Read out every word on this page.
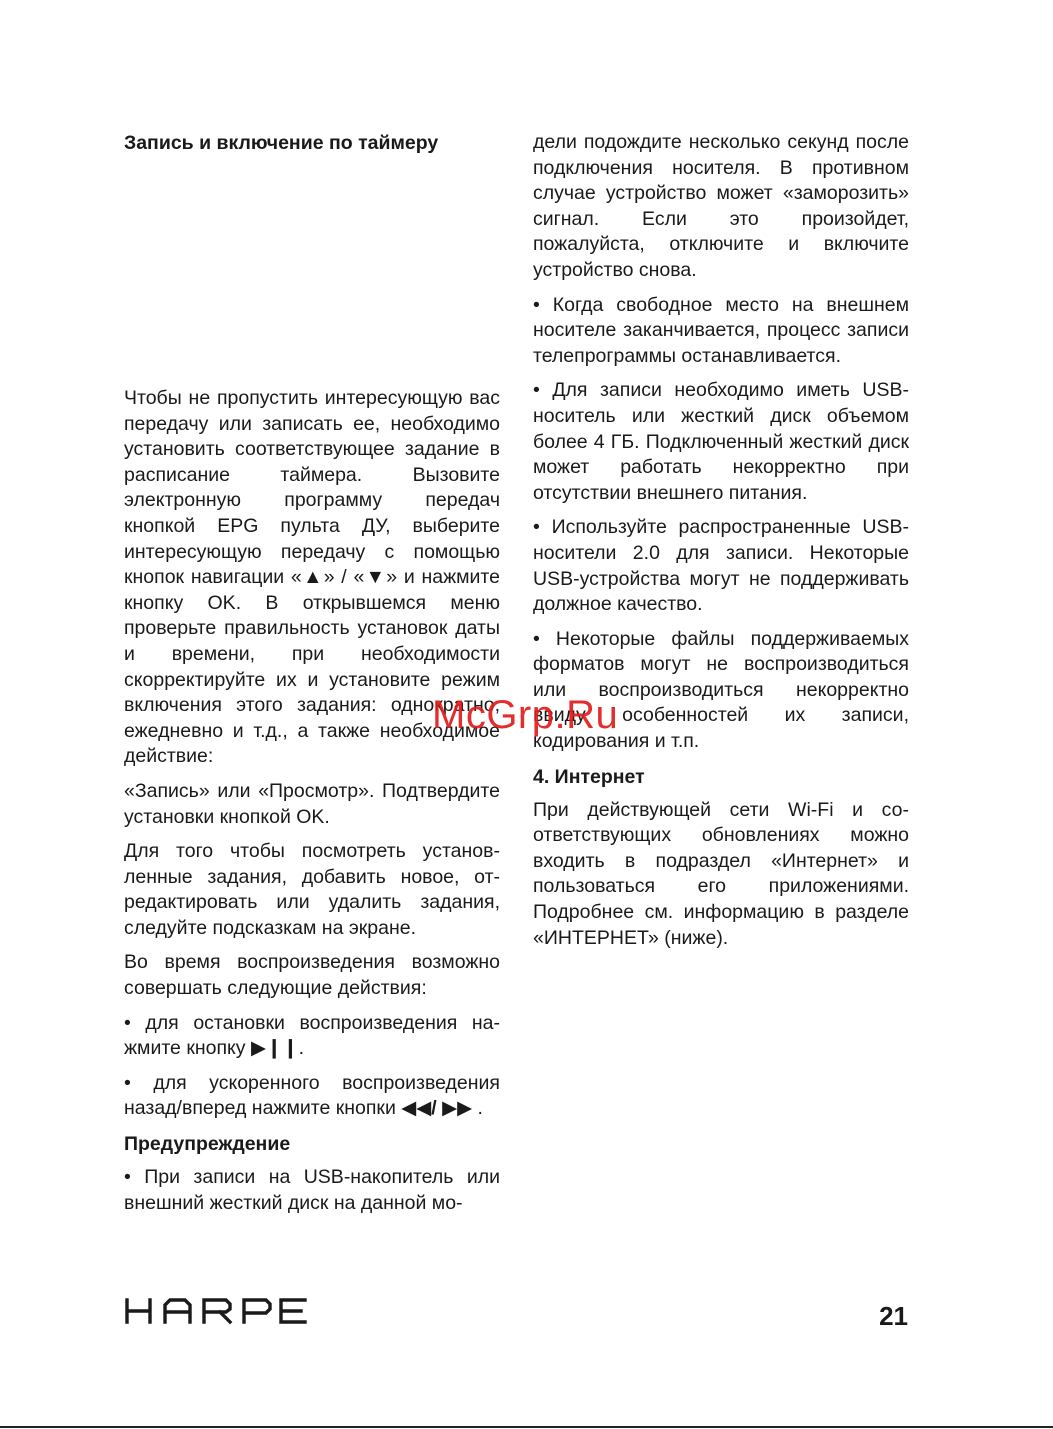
Запись и включение по таймеру

Чтобы не пропустить интересующую вас передачу или записать ее, необходимо установить соответствующее задание в расписание таймера. Вызовите электронную программу передач кнопкой EPG пульта ДУ, выберите интересующую передачу с помощью кнопок навигации «▲» / «▼» и нажмите кнопку OK. В открывшемся меню проверьте правильность установок даты и времени, при необходимости скорректируйте их и установите режим включения этого задания: однократно, ежедневно и т.д., а также необходимое действие:

«Запись» или «Просмотр». Подтвердите установки кнопкой OK.

Для того чтобы посмотреть установленные задания, добавить новое, отредактировать или удалить задания, следуйте подсказкам на экране.

Во время воспроизведения возможно совершать следующие действия:

• для остановки воспроизведения нажмите кнопку ▶❙❙.

• для ускоренного воспроизведения назад/вперед нажмите кнопки ◀◀/ ▶▶ .

Предупреждение

• При записи на USB-накопитель или внешний жесткий диск на данной мо-

дели подождите несколько секунд после подключения носителя. В противном случае устройство может «заморозить» сигнал. Если это произойдет, пожалуйста, отключите и включите устройство снова.

• Когда свободное место на внешнем носителе заканчивается, процесс записи телепрограммы останавливается.

• Для записи необходимо иметь USB-носитель или жесткий диск объемом более 4 ГБ. Подключенный жесткий диск может работать некорректно при отсутствии внешнего питания.

• Используйте распространенные USB-носители 2.0 для записи. Некоторые USB-устройства могут не поддерживать должное качество.

• Некоторые файлы поддерживаемых форматов могут не воспроизводиться или воспроизводиться некорректно ввиду особенностей их записи, кодирования и т.п.

4. Интернет

При действующей сети Wi-Fi и соответствующих обновлениях можно входить в подраздел «Интернет» и пользоваться его приложениями. Подробнее см. информацию в разделе «ИНТЕРНЕТ» (ниже).

McGrp.Ru
21
